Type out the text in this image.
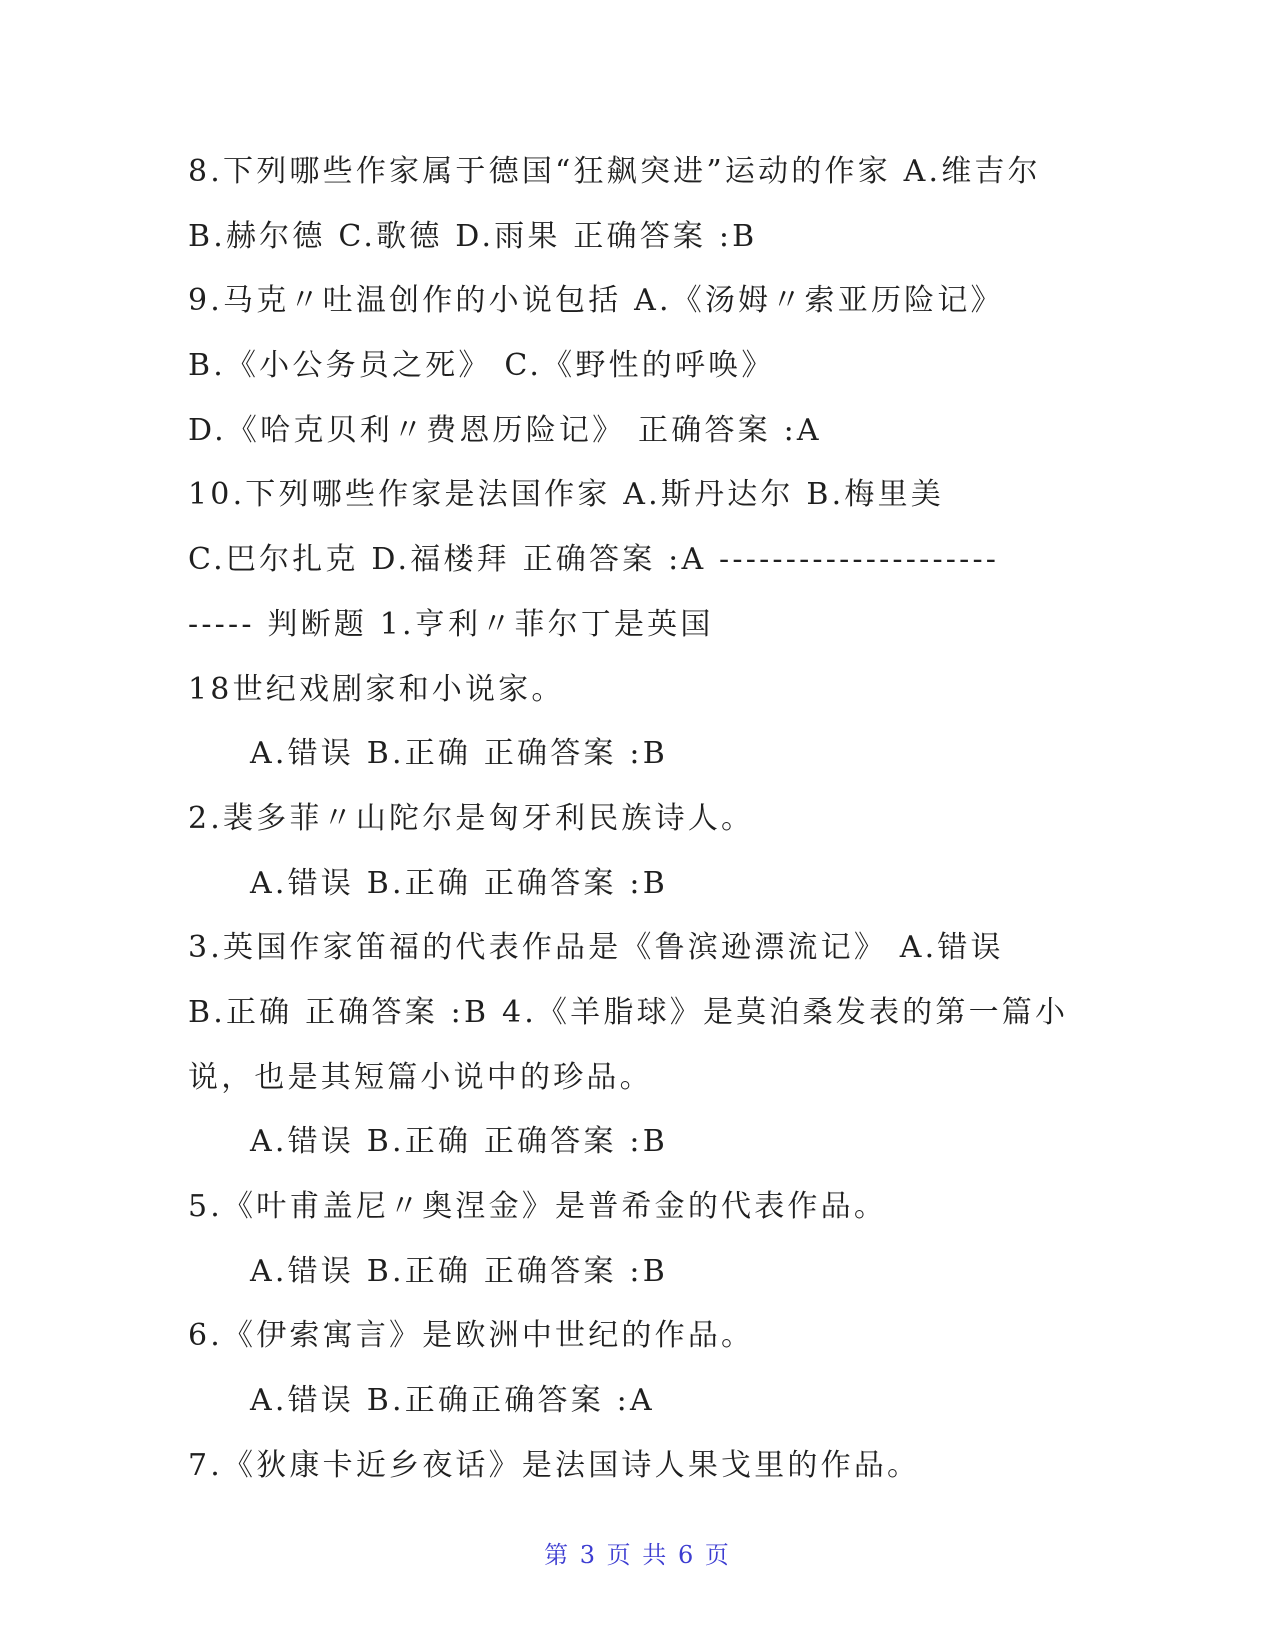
8.下列哪些作家属于德国“狂飙突进”运动的作家 A.维吉尔
B.赫尔德 C.歌德 D.雨果 正确答案 :B
9.马克〃吐温创作的小说包括 A.《汤姆〃索亚历险记》
B.《小公务员之死》 C.《野性的呼唤》
D.《哈克贝利〃费恩历险记》 正确答案 :A
10.下列哪些作家是法国作家 A.斯丹达尔 B.梅里美
C.巴尔扎克 D.福楼拜 正确答案 :A ---------------------
----- 判断题 1.亨利〃菲尔丁是英国
18世纪戏剧家和小说家。
A.错误 B.正确 正确答案 :B
2.裴多菲〃山陀尔是匈牙利民族诗人。
A.错误 B.正确 正确答案 :B
3.英国作家笛福的代表作品是《鲁滨逊漂流记》 A.错误
B.正确 正确答案 :B 4.《羊脂球》是莫泊桑发表的第一篇小
说，也是其短篇小说中的珍品。
A.错误 B.正确 正确答案 :B
5.《叶甫盖尼〃奥涅金》是普希金的代表作品。
A.错误 B.正确 正确答案 :B
6.《伊索寓言》是欧洲中世纪的作品。
A.错误 B.正确正确答案 :A
7.《狄康卡近乡夜话》是法国诗人果戈里的作品。
第 3 页 共 6 页
